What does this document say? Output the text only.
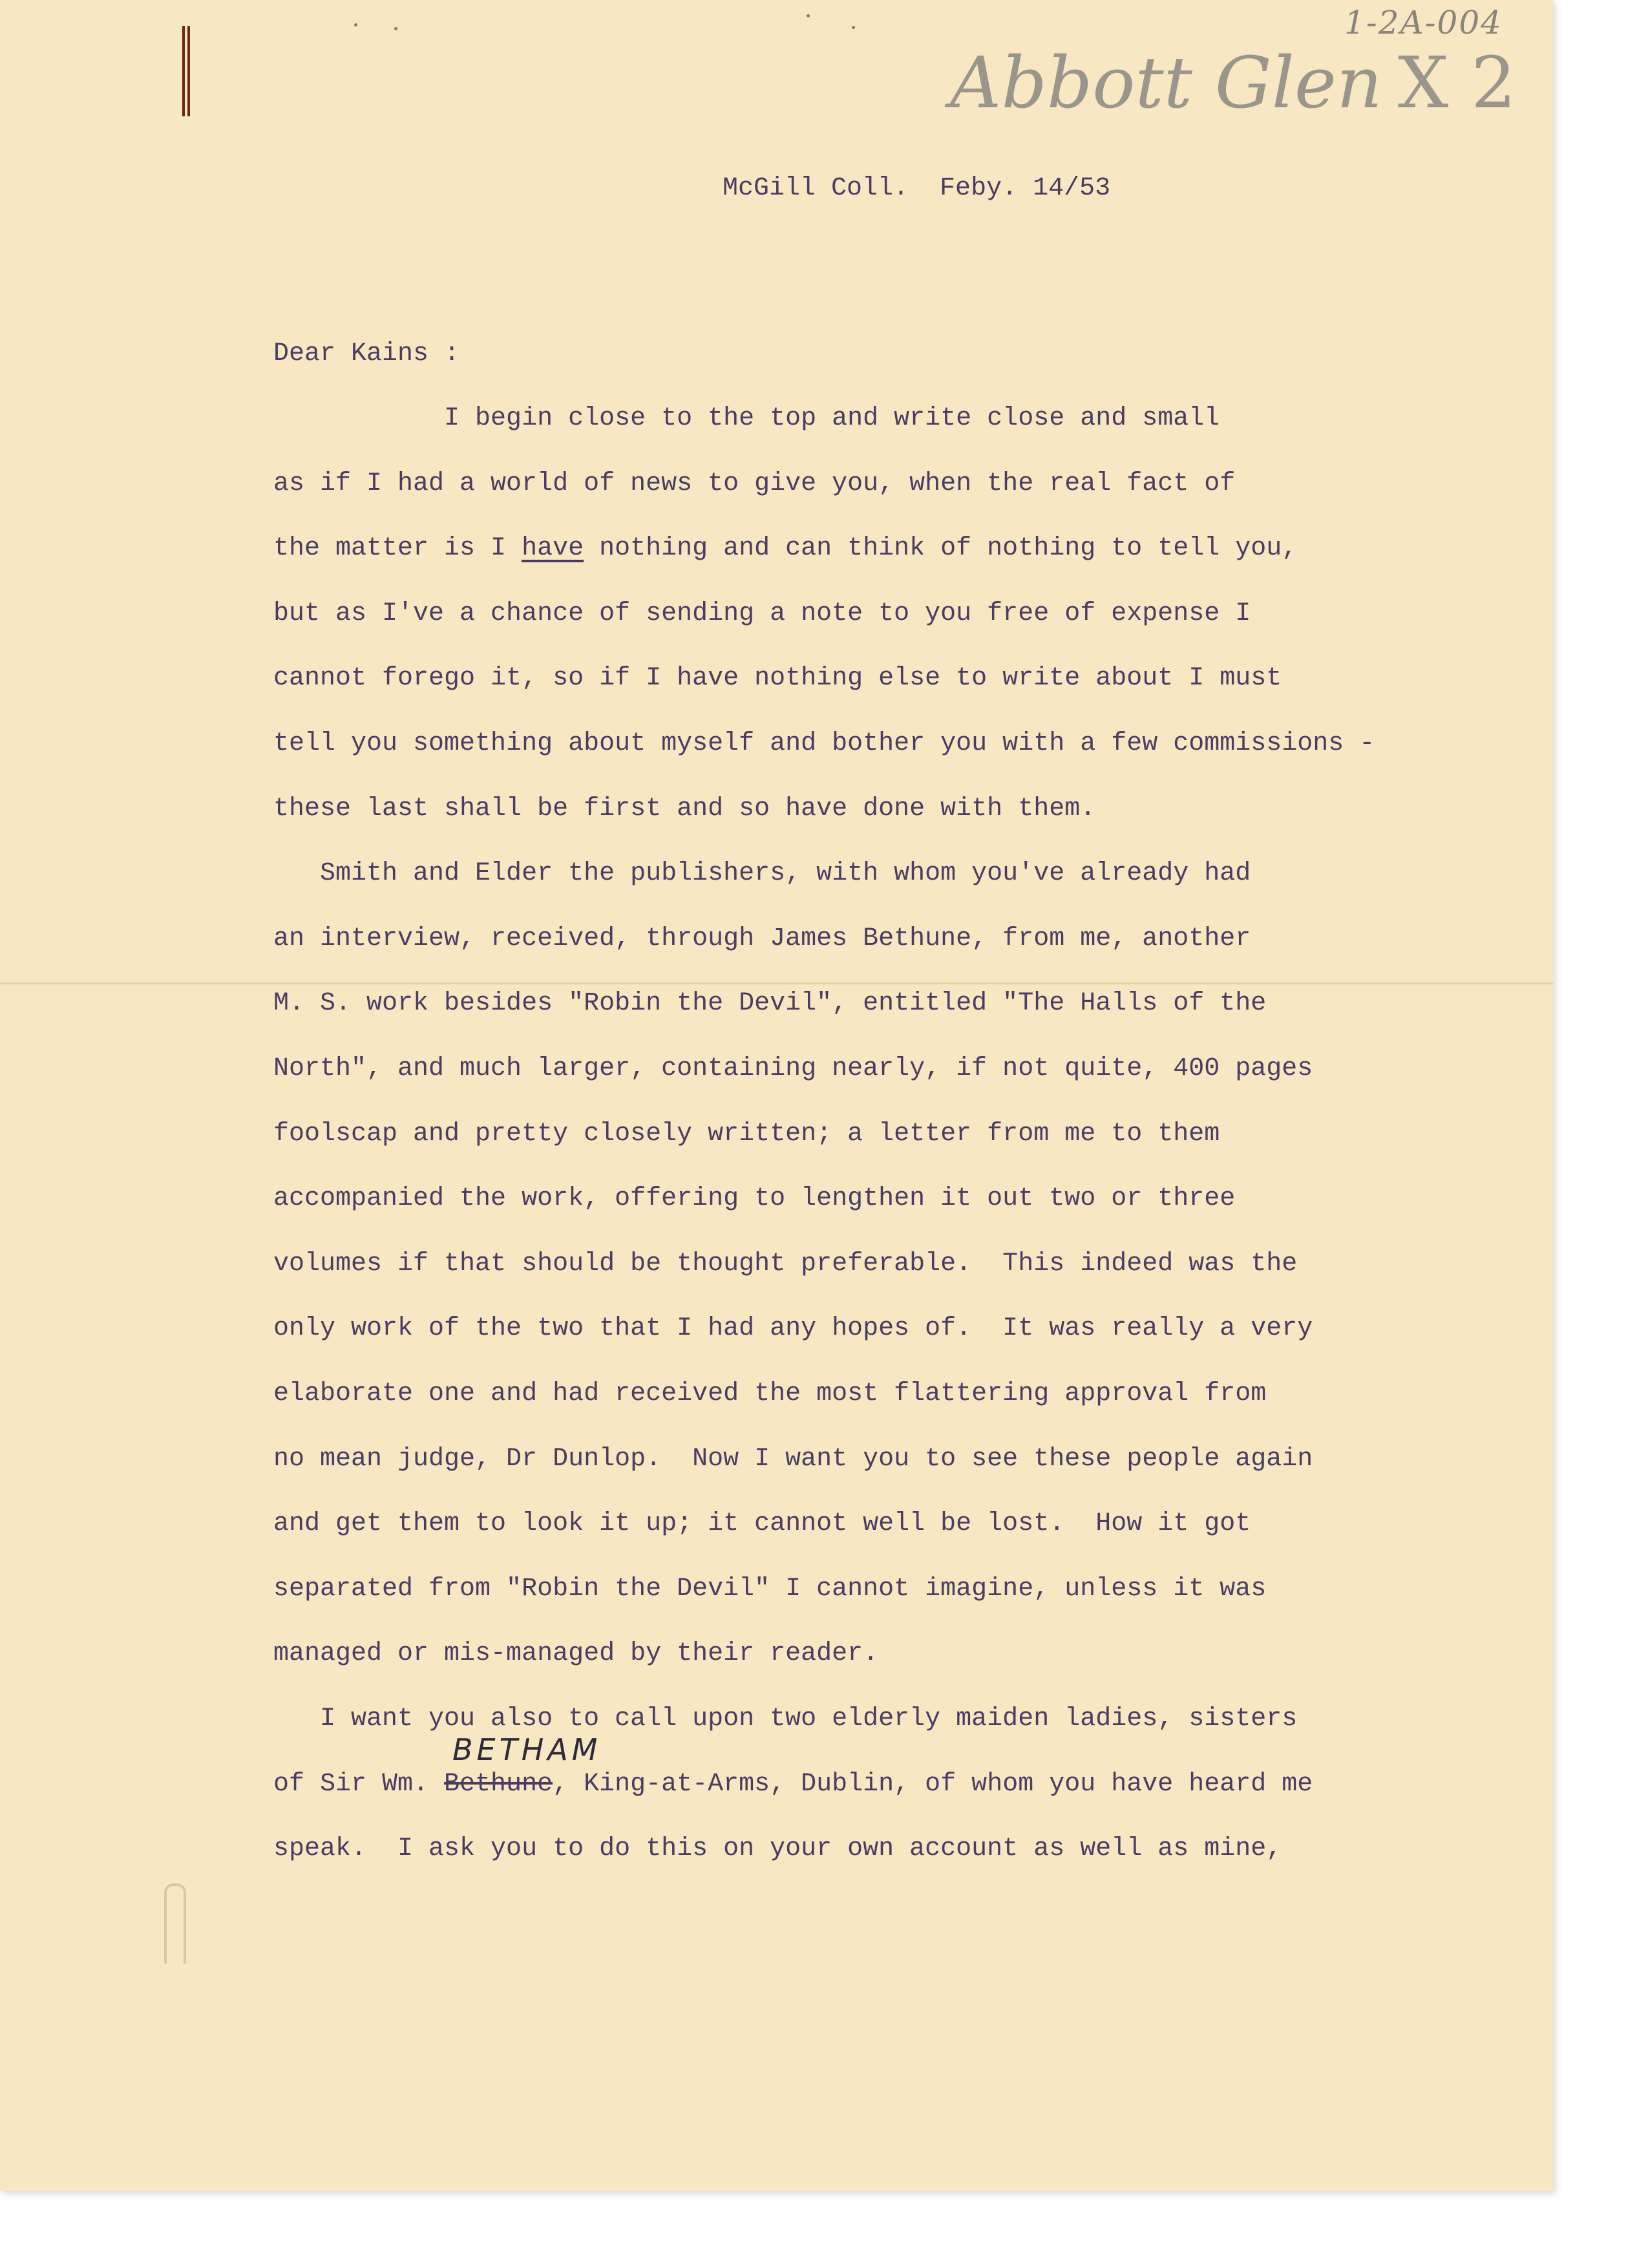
1-2A-004
Abbott Glen X 2

McGill Coll.  Feby. 14/53

Dear Kains :

I begin close to the top and write close and small

as if I had a world of news to give you, when the real fact of

the matter is I have nothing and can think of nothing to tell you,

but as I've a chance of sending a note to you free of expense I

cannot forego it, so if I have nothing else to write about I must

tell you something about myself and bother you with a few commissions -

these last shall be first and so have done with them.

Smith and Elder the publishers, with whom you've already had

an interview, received, through James Bethune, from me, another

M. S. work besides "Robin the Devil", entitled "The Halls of the

North", and much larger, containing nearly, if not quite, 400 pages

foolscap and pretty closely written; a letter from me to them

accompanied the work, offering to lengthen it out two or three

volumes if that should be thought preferable.  This indeed was the

only work of the two that I had any hopes of.  It was really a very

elaborate one and had received the most flattering approval from

no mean judge, Dr Dunlop.  Now I want you to see these people again

and get them to look it up; it cannot well be lost.  How it got

separated from "Robin the Devil" I cannot imagine, unless it was

managed or mis-managed by their reader.

I want you also to call upon two elderly maiden ladies, sisters

BETHAM

of Sir Wm. Bethune, King-at-Arms, Dublin, of whom you have heard me

speak.  I ask you to do this on your own account as well as mine,
